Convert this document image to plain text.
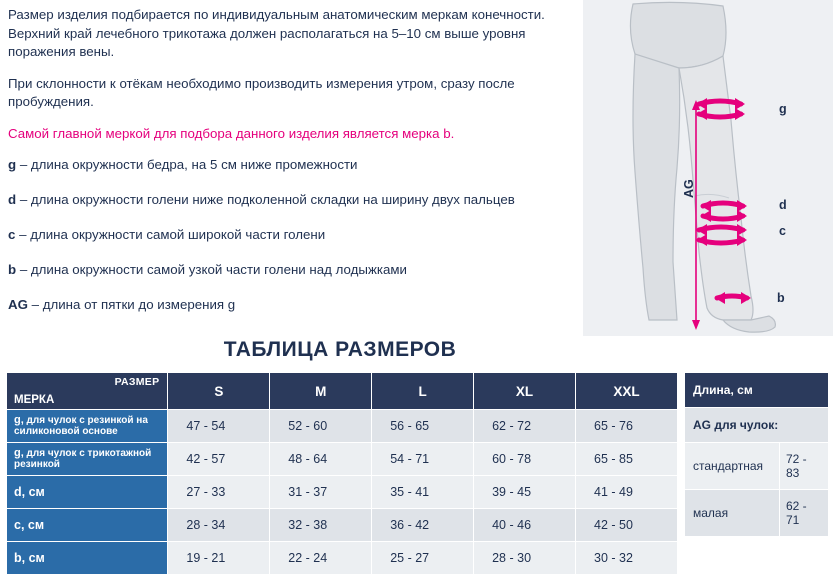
Размер изделия подбирается по индивидуальным анатомическим меркам конечности. Верхний край лечебного трикотажа должен располагаться на 5–10 см выше уровня поражения вены.
При склонности к отёкам необходимо производить измерения утром, сразу после пробуждения.
Самой главной меркой для подбора данного изделия является мерка b.
g – длина окружности бедра, на 5 см ниже промежности
d – длина окружности голени ниже подколенной складки на ширину двух пальцев
c – длина окружности самой широкой части голени
b – длина окружности самой узкой части голени над лодыжками
AG – длина от пятки до измерения g
g
d
c
b
AG
ТАБЛИЦА РАЗМЕРОВ
РАЗМЕР
МЕРКА	S	M	L	XL	XXL
g, для чулок с резинкой на силиконовой основе	47 - 54	52 - 60	56 - 65	62 - 72	65 - 76
g, для чулок с трикотажной резинкой	42 - 57	48 - 64	54 - 71	60 - 78	65 - 85
d, см	27 - 33	31 - 37	35 - 41	39 - 45	41 - 49
c, см	28 - 34	32 - 38	36 - 42	40 - 46	42 - 50
b, см	19 - 21	22 - 24	25 - 27	28 - 30	30 - 32
Длина, см	
AG для чулок:	
стандартная	72 - 83
малая	62 - 71
